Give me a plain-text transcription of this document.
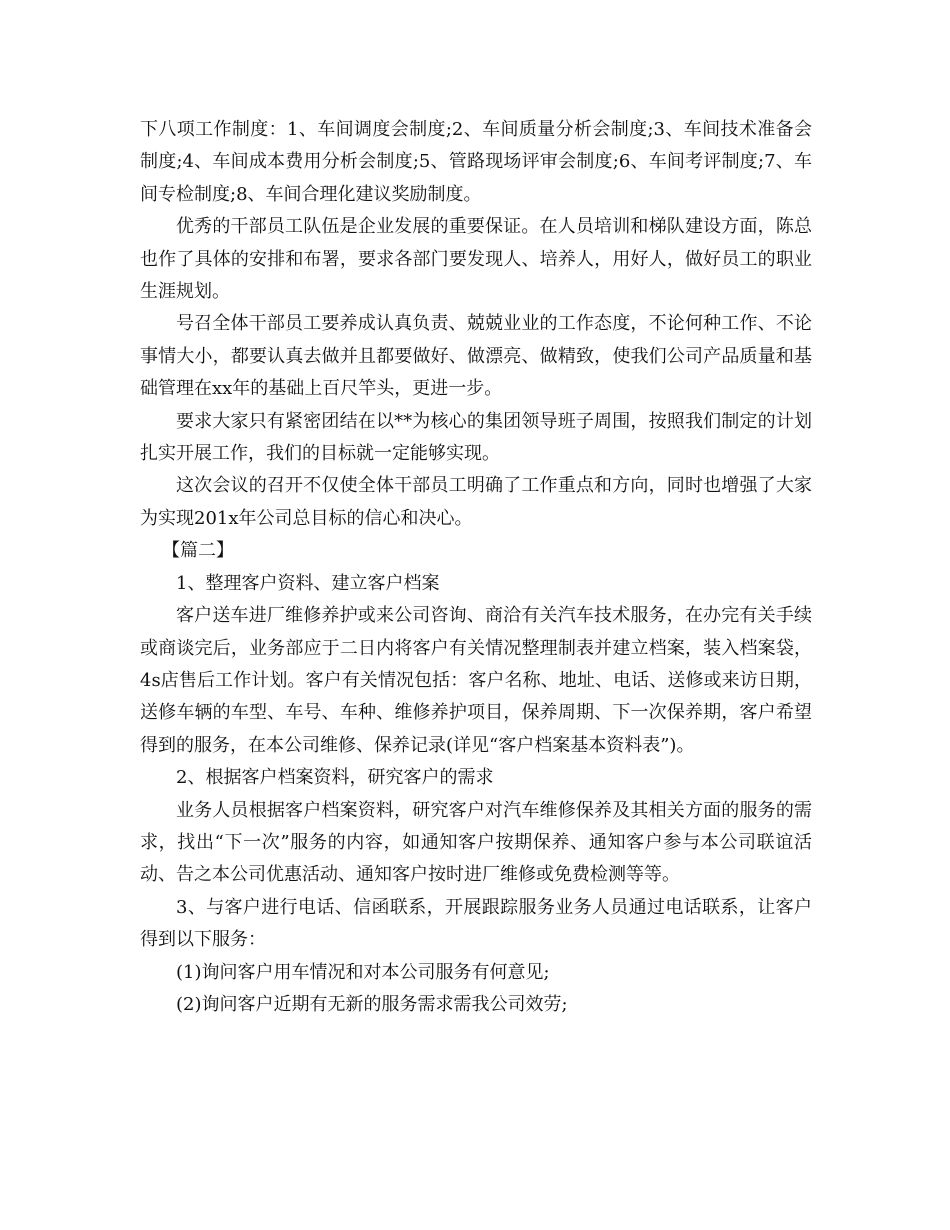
下八项工作制度：1、车间调度会制度;2、车间质量分析会制度;3、车间技术准备会制度;4、车间成本费用分析会制度;5、管路现场评审会制度;6、车间考评制度;7、车间专检制度;8、车间合理化建议奖励制度。

优秀的干部员工队伍是企业发展的重要保证。在人员培训和梯队建设方面，陈总也作了具体的安排和布署，要求各部门要发现人、培养人，用好人，做好员工的职业生涯规划。

号召全体干部员工要养成认真负责、兢兢业业的工作态度，不论何种工作、不论事情大小，都要认真去做并且都要做好、做漂亮、做精致，使我们公司产品质量和基础管理在xx年的基础上百尺竿头，更进一步。

要求大家只有紧密团结在以**为核心的集团领导班子周围，按照我们制定的计划扎实开展工作，我们的目标就一定能够实现。

这次会议的召开不仅使全体干部员工明确了工作重点和方向，同时也增强了大家为实现201x年公司总目标的信心和决心。

【篇二】

1、整理客户资料、建立客户档案

客户送车进厂维修养护或来公司咨询、商洽有关汽车技术服务，在办完有关手续或商谈完后，业务部应于二日内将客户有关情况整理制表并建立档案，装入档案袋，4s店售后工作计划。客户有关情况包括：客户名称、地址、电话、送修或来访日期，送修车辆的车型、车号、车种、维修养护项目，保养周期、下一次保养期，客户希望得到的服务，在本公司维修、保养记录(详见“客户档案基本资料表”)。

2、根据客户档案资料，研究客户的需求

业务人员根据客户档案资料，研究客户对汽车维修保养及其相关方面的服务的需求，找出“下一次”服务的内容，如通知客户按期保养、通知客户参与本公司联谊活动、告之本公司优惠活动、通知客户按时进厂维修或免费检测等等。

3、与客户进行电话、信函联系，开展跟踪服务业务人员通过电话联系，让客户得到以下服务：

(1)询问客户用车情况和对本公司服务有何意见;

(2)询问客户近期有无新的服务需求需我公司效劳;
